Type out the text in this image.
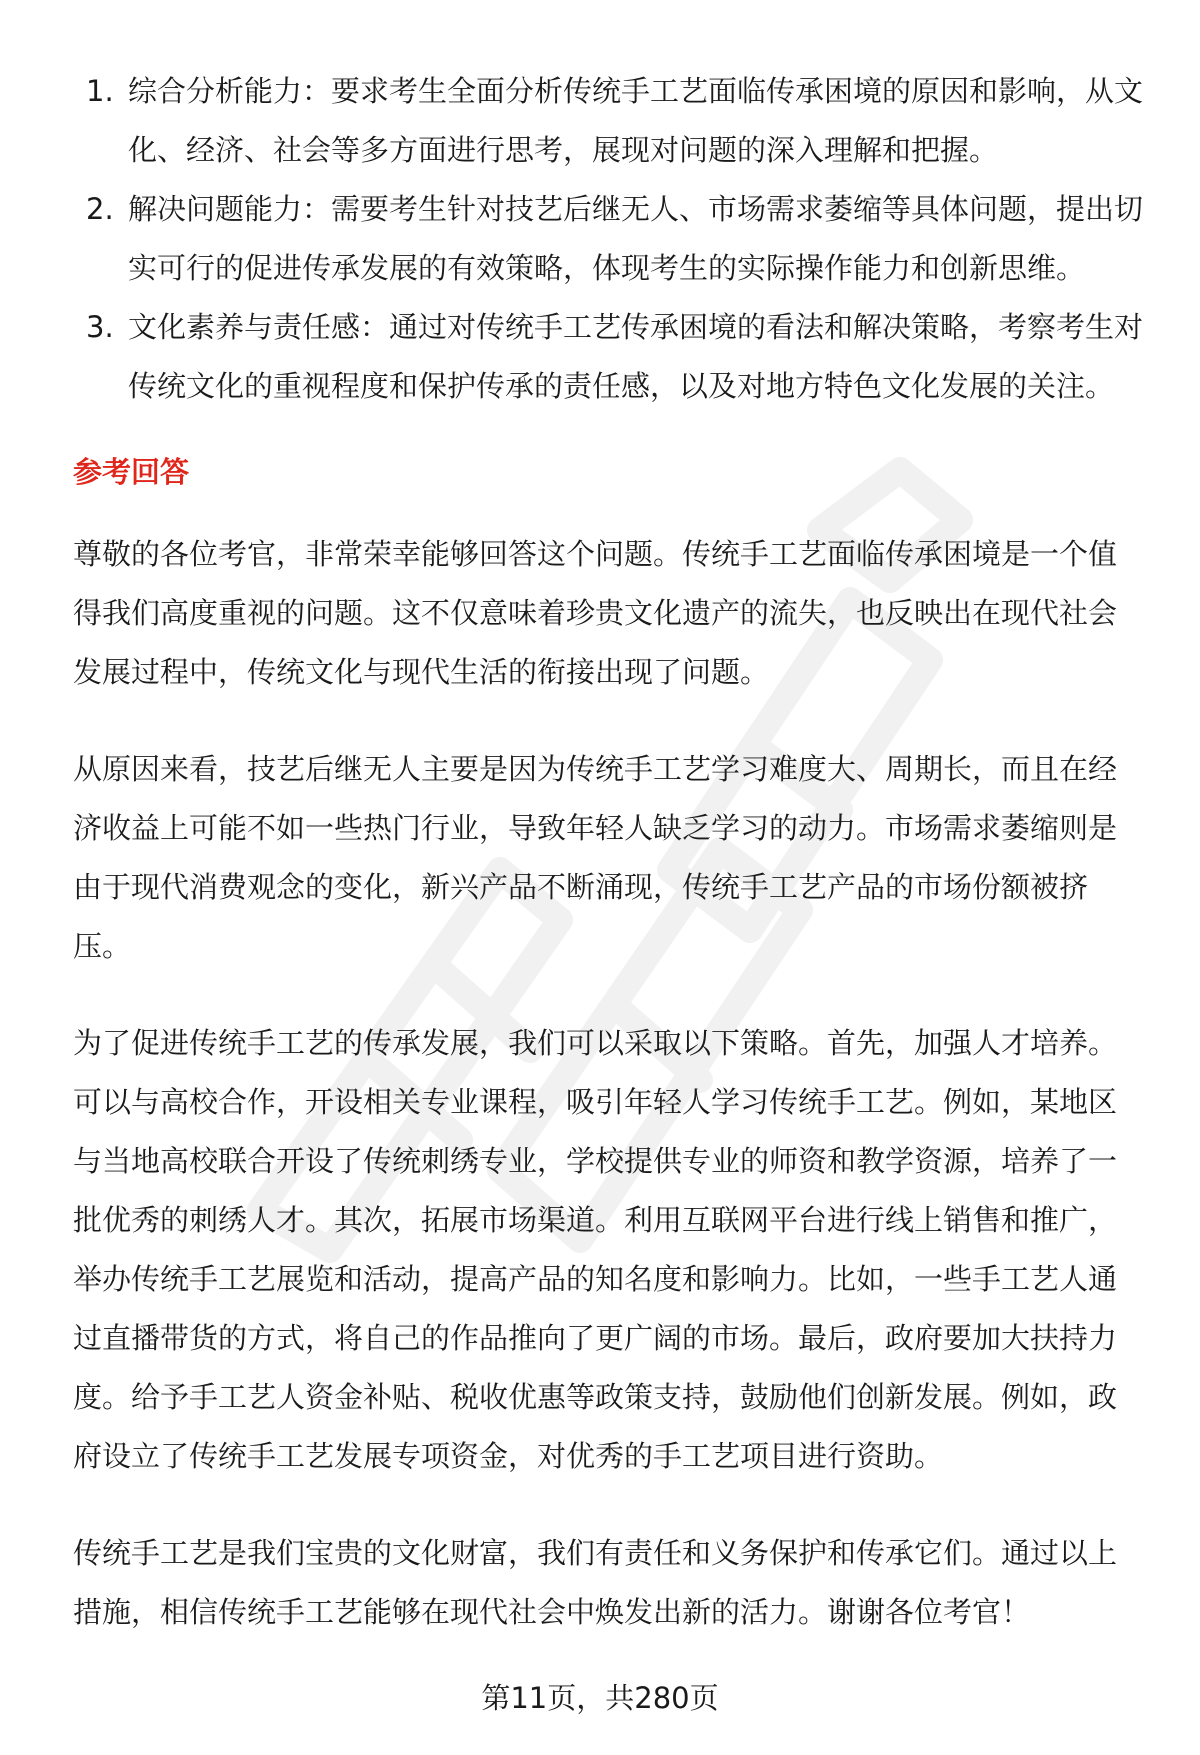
1. 综合分析能力：要求考生全面分析传统手工艺面临传承困境的原因和影响，从文化、经济、社会等多方面进行思考，展现对问题的深入理解和把握。
2. 解决问题能力：需要考生针对技艺后继无人、市场需求萎缩等具体问题，提出切实可行的促进传承发展的有效策略，体现考生的实际操作能力和创新思维。
3. 文化素养与责任感：通过对传统手工艺传承困境的看法和解决策略，考察考生对传统文化的重视程度和保护传承的责任感，以及对地方特色文化发展的关注。
参考回答

尊敬的各位考官，非常荣幸能够回答这个问题。传统手工艺面临传承困境是一个值得我们高度重视的问题。这不仅意味着珍贵文化遗产的流失，也反映出在现代社会发展过程中，传统文化与现代生活的衔接出现了问题。

从原因来看，技艺后继无人主要是因为传统手工艺学习难度大、周期长，而且在经济收益上可能不如一些热门行业，导致年轻人缺乏学习的动力。市场需求萎缩则是由于现代消费观念的变化，新兴产品不断涌现，传统手工艺产品的市场份额被挤压。

为了促进传统手工艺的传承发展，我们可以采取以下策略。首先，加强人才培养。可以与高校合作，开设相关专业课程，吸引年轻人学习传统手工艺。例如，某地区与当地高校联合开设了传统刺绣专业，学校提供专业的师资和教学资源，培养了一批优秀的刺绣人才。其次，拓展市场渠道。利用互联网平台进行线上销售和推广，举办传统手工艺展览和活动，提高产品的知名度和影响力。比如，一些手工艺人通过直播带货的方式，将自己的作品推向了更广阔的市场。最后，政府要加大扶持力度。给予手工艺人资金补贴、税收优惠等政策支持，鼓励他们创新发展。例如，政府设立了传统手工艺发展专项资金，对优秀的手工艺项目进行资助。

传统手工艺是我们宝贵的文化财富，我们有责任和义务保护和传承它们。通过以上措施，相信传统手工艺能够在现代社会中焕发出新的活力。谢谢各位考官！

第11页，共280页
